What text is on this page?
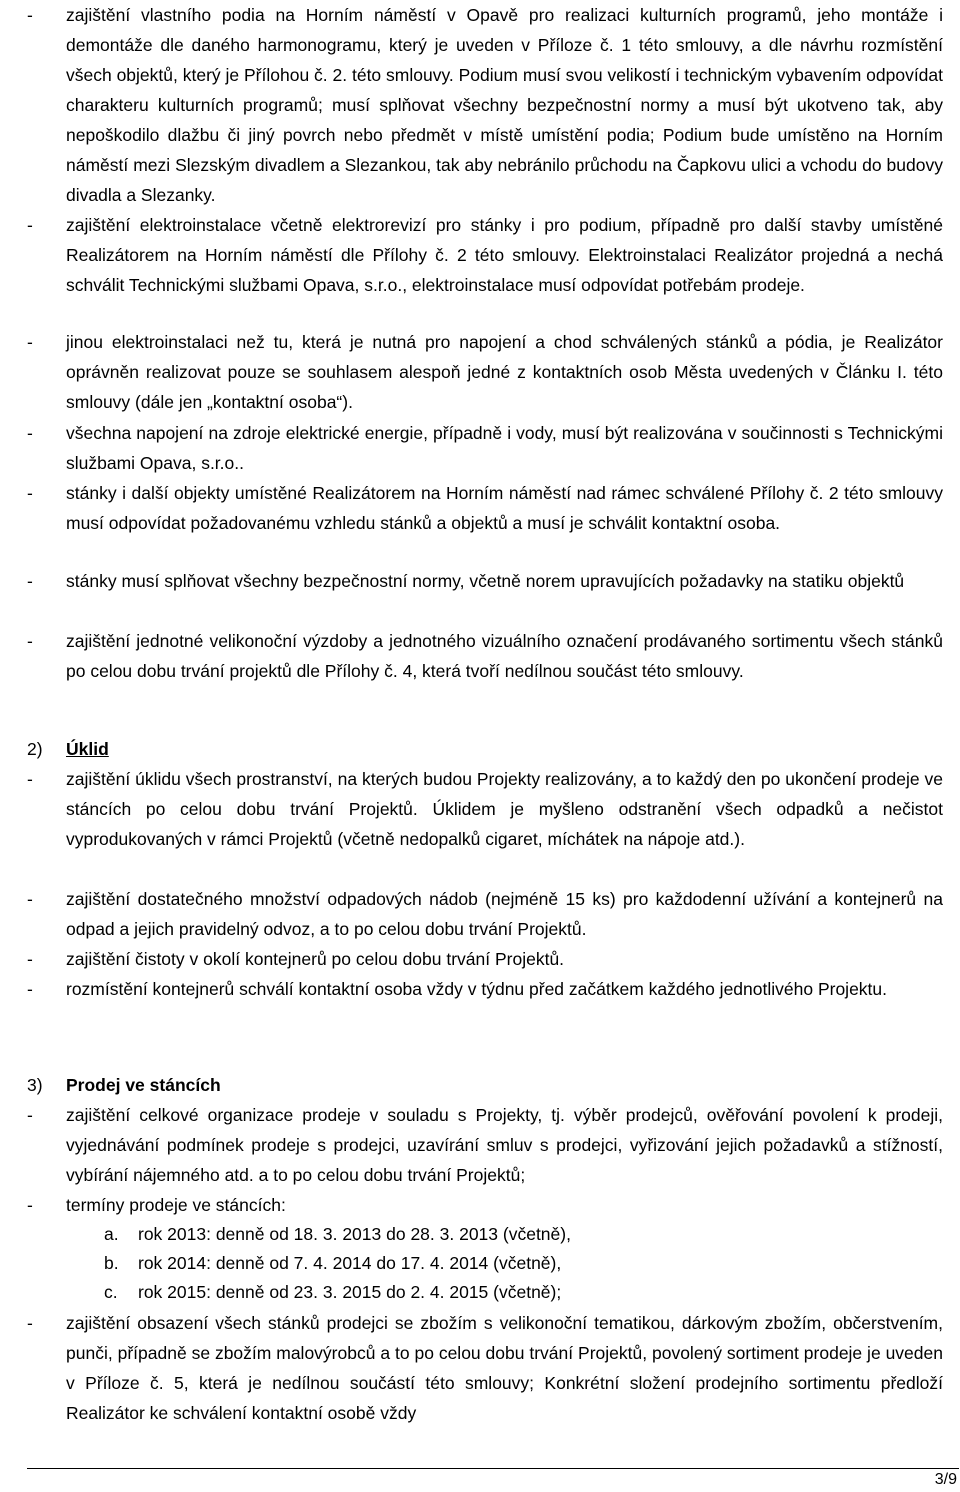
-	zajištění vlastního podia na Horním náměstí v Opavě pro realizaci kulturních programů, jeho montáže i demontáže dle daného harmonogramu, který je uveden v Příloze č. 1 této smlouvy, a dle návrhu rozmístění všech objektů, který je Přílohou č. 2. této smlouvy. Podium musí svou velikostí i technickým vybavením odpovídat charakteru kulturních programů; musí splňovat všechny bezpečnostní normy a musí být ukotveno tak, aby nepoškodilo dlažbu či jiný povrch nebo předmět v místě umístění podia; Podium bude umístěno na Horním náměstí mezi Slezským divadlem a Slezankou, tak aby nebránilo průchodu na Čapkovu ulici a vchodu do budovy divadla a Slezanky.
-	zajištění elektroinstalace včetně elektrorevizí pro stánky i pro podium, případně pro další stavby umístěné Realizátorem na Horním náměstí dle Přílohy č. 2 této smlouvy. Elektroinstalaci Realizátor projedná a nechá schválit Technickými službami Opava, s.r.o., elektroinstalace musí odpovídat potřebám prodeje.
-	jinou elektroinstalaci než tu, která je nutná pro napojení a chod schválených stánků a pódia, je Realizátor oprávněn realizovat pouze se souhlasem alespoň jedné z kontaktních osob Města uvedených v Článku I. této smlouvy (dále jen „kontaktní osoba“).
-	všechna napojení na zdroje elektrické energie, případně i vody, musí být realizována v součinnosti s Technickými službami Opava, s.r.o..
-	stánky i další objekty umístěné Realizátorem na Horním náměstí nad rámec schválené Přílohy č. 2 této smlouvy musí odpovídat požadovanému vzhledu stánků a objektů a musí je schválit kontaktní osoba.
-	stánky musí splňovat všechny bezpečnostní normy, včetně norem upravujících požadavky na statiku objektů
-	zajištění jednotné velikonoční výzdoby a jednotného vizuálního označení prodávaného sortimentu všech stánků po celou dobu trvání projektů dle Přílohy č. 4, která tvoří nedílnou součást této smlouvy.
2) Úklid
-	zajištění úklidu všech prostranství, na kterých budou Projekty realizovány, a to každý den po ukončení prodeje ve stáncích po celou dobu trvání Projektů. Úklidem je myšleno odstranění všech odpadků a nečistot vyprodukovaných v rámci Projektů (včetně nedopalků cigaret, míchátek na nápoje atd.).
-	zajištění dostatečného množství odpadových nádob (nejméně 15 ks) pro každodenní užívání a kontejnerů na odpad a jejich pravidelný odvoz, a to po celou dobu trvání Projektů.
-	zajištění čistoty v okolí kontejnerů po celou dobu trvání Projektů.
-	rozmístění kontejnerů schválí kontaktní osoba vždy v týdnu před začátkem každého jednotlivého Projektu.
3) Prodej ve stáncích
-	zajištění celkové organizace prodeje v souladu s Projekty, tj. výběr prodejců, ověřování povolení k prodeji, vyjednávání podmínek prodeje s prodejci, uzavírání smluv s prodejci, vyřizování jejich požadavků a stížností, vybírání nájemného atd. a to po celou dobu trvání Projektů;
-	termíny prodeje ve stáncích:
a. rok 2013: denně od 18. 3. 2013 do 28. 3. 2013 (včetně),
b. rok 2014: denně od 7. 4. 2014 do 17. 4. 2014 (včetně),
c. rok 2015: denně od 23. 3. 2015 do 2. 4. 2015 (včetně);
-	zajištění obsazení všech stánků prodejci se zbožím s velikonoční tematikou, dárkovým zbožím, občerstvením, punči, případně se zbožím malovýrobců a to po celou dobu trvání Projektů, povolený sortiment prodeje je uveden v Příloze č. 5, která je nedílnou součástí této smlouvy; Konkrétní složení prodejního sortimentu předloží Realizátor ke schválení kontaktní osobě vždy
3/9
